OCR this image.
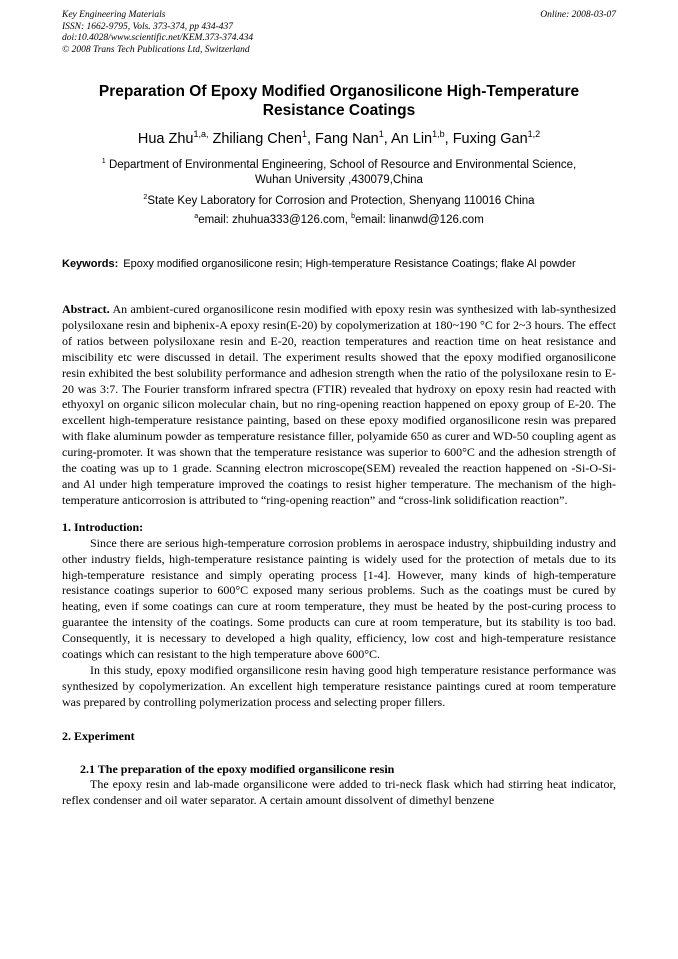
Key Engineering Materials
ISSN: 1662-9795, Vols. 373-374, pp 434-437
doi:10.4028/www.scientific.net/KEM.373-374.434
© 2008 Trans Tech Publications Ltd, Switzerland
Online: 2008-03-07
Preparation Of Epoxy Modified Organosilicone High-Temperature
Resistance Coatings
Hua Zhu$^{1,a,}$ Zhiliang Chen$^1$, Fang Nan$^1$, An Lin$^{1,b}$, Fuxing Gan$^{1,2}$
$^1$ Department of Environmental Engineering, School of Resource and Environmental Science,
Wuhan University ,430079,China
$^2$State Key Laboratory for Corrosion and Protection, Shenyang 110016 China
$^a$email: zhuhua333@126.com, $^b$email: linanwd@126.com
Keywords: Epoxy modified organosilicone resin; High-temperature Resistance Coatings; flake Al powder

Abstract. An ambient-cured organosilicone resin modified with epoxy resin was synthesized with lab-synthesized polysiloxane resin and biphenix-A epoxy resin(E-20) by copolymerization at 180~190 °C for 2~3 hours. The effect of ratios between polysiloxane resin and E-20, reaction temperatures and reaction time on heat resistance and miscibility etc were discussed in detail. The experiment results showed that the epoxy modified organosilicone resin exhibited the best solubility performance and adhesion strength when the ratio of the polysiloxane resin to E-20 was 3:7. The Fourier transform infrared spectra (FTIR) revealed that hydroxy on epoxy resin had reacted with ethyoxyl on organic silicon molecular chain, but no ring-opening reaction happened on epoxy group of E-20. The excellent high-temperature resistance painting, based on these epoxy modified organosilicone resin was prepared with flake aluminum powder as temperature resistance filler, polyamide 650 as curer and WD-50 coupling agent as curing-promoter. It was shown that the temperature resistance was superior to 600°C and the adhesion strength of the coating was up to 1 grade. Scanning electron microscope(SEM) revealed the reaction happened on -Si-O-Si- and Al under high temperature improved the coatings to resist higher temperature. The mechanism of the high-temperature anticorrosion is attributed to “ring-opening reaction” and “cross-link solidification reaction”.

1. Introduction:

Since there are serious high-temperature corrosion problems in aerospace industry, shipbuilding industry and other industry fields, high-temperature resistance painting is widely used for the protection of metals due to its high-temperature resistance and simply operating process [1-4]. However, many kinds of high-temperature resistance coatings superior to 600°C exposed many serious problems. Such as the coatings must be cured by heating, even if some coatings can cure at room temperature, they must be heated by the post-curing process to guarantee the intensity of the coatings. Some products can cure at room temperature, but its stability is too bad. Consequently, it is necessary to developed a high quality, efficiency, low cost and high-temperature resistance coatings which can resistant to the high temperature above 600°C.

In this study, epoxy modified organsilicone resin having good high temperature resistance performance was synthesized by copolymerization. An excellent high temperature resistance paintings cured at room temperature was prepared by controlling polymerization process and selecting proper fillers.

2. Experiment

2.1 The preparation of the epoxy modified organsilicone resin

The epoxy resin and lab-made organsilicone were added to tri-neck flask which had stirring heat indicator, reflex condenser and oil water separator. A certain amount dissolvent of dimethyl benzene
